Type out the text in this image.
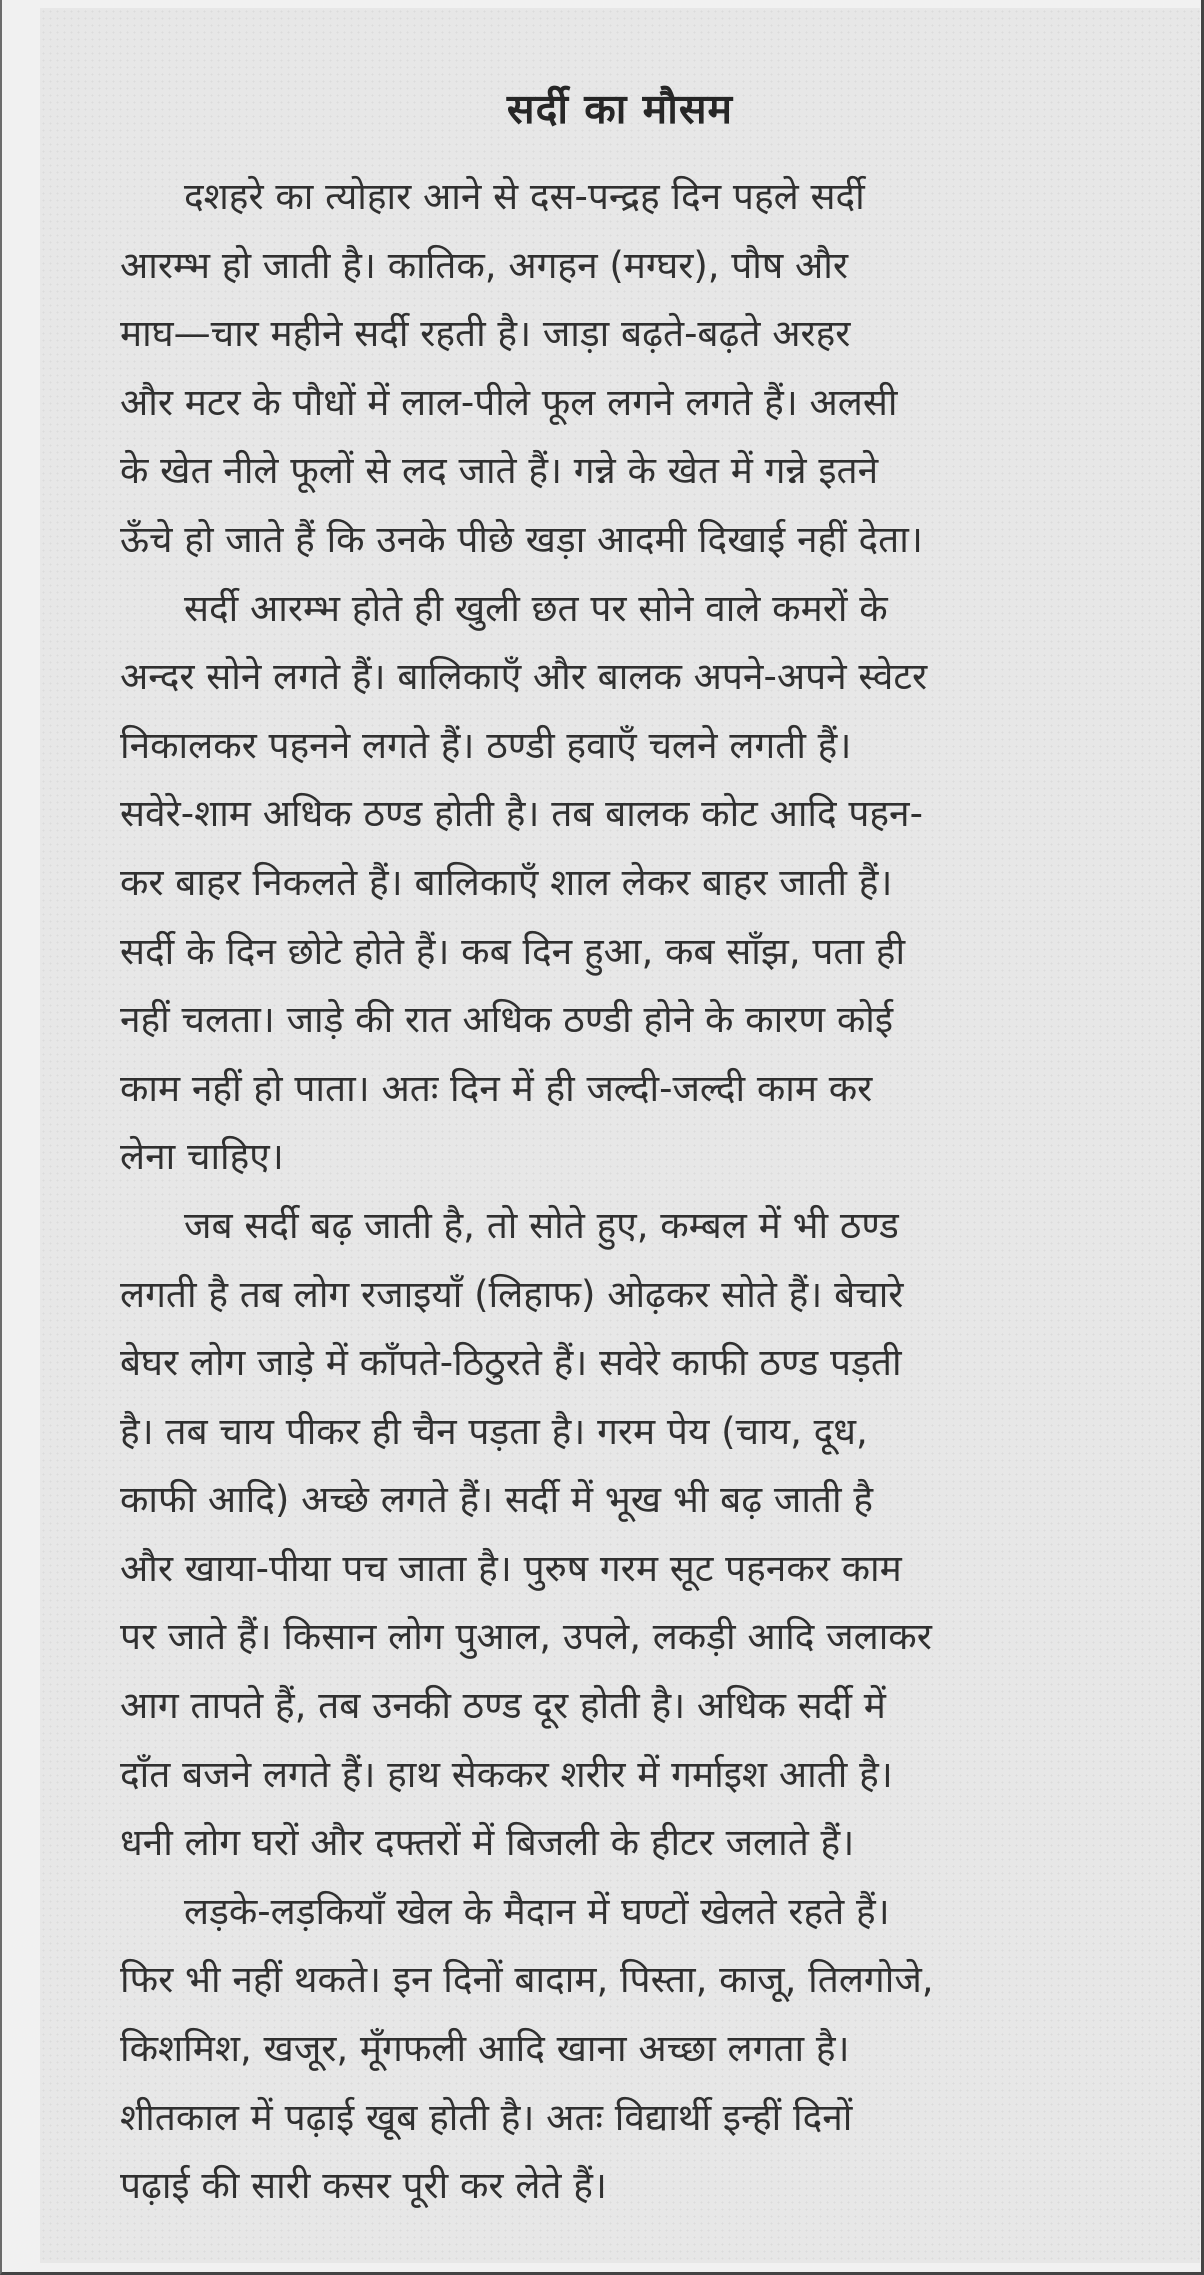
सर्दी का मौसम
दशहरे का त्योहार आने से दस-पन्द्रह दिन पहले सर्दी
आरम्भ हो जाती है। कातिक, अगहन (मग्घर), पौष और
माघ—चार महीने सर्दी रहती है। जाड़ा बढ़ते-बढ़ते अरहर
और मटर के पौधों में लाल-पीले फूल लगने लगते हैं। अलसी
के खेत नीले फूलों से लद जाते हैं। गन्ने के खेत में गन्ने इतने
ऊँचे हो जाते हैं कि उनके पीछे खड़ा आदमी दिखाई नहीं देता।
सर्दी आरम्भ होते ही खुली छत पर सोने वाले कमरों के
अन्दर सोने लगते हैं। बालिकाएँ और बालक अपने-अपने स्वेटर
निकालकर पहनने लगते हैं। ठण्डी हवाएँ चलने लगती हैं।
सवेरे-शाम अधिक ठण्ड होती है। तब बालक कोट आदि पहन-
कर बाहर निकलते हैं। बालिकाएँ शाल लेकर बाहर जाती हैं।
सर्दी के दिन छोटे होते हैं। कब दिन हुआ, कब साँझ, पता ही
नहीं चलता। जाड़े की रात अधिक ठण्डी होने के कारण कोई
काम नहीं हो पाता। अतः दिन में ही जल्दी-जल्दी काम कर
लेना चाहिए।
जब सर्दी बढ़ जाती है, तो सोते हुए, कम्बल में भी ठण्ड
लगती है तब लोग रजाइयाँ (लिहाफ) ओढ़कर सोते हैं। बेचारे
बेघर लोग जाड़े में काँपते-ठिठुरते हैं। सवेरे काफी ठण्ड पड़ती
है। तब चाय पीकर ही चैन पड़ता है। गरम पेय (चाय, दूध,
काफी आदि) अच्छे लगते हैं। सर्दी में भूख भी बढ़ जाती है
और खाया-पीया पच जाता है। पुरुष गरम सूट पहनकर काम
पर जाते हैं। किसान लोग पुआल, उपले, लकड़ी आदि जलाकर
आग तापते हैं, तब उनकी ठण्ड दूर होती है। अधिक सर्दी में
दाँत बजने लगते हैं। हाथ सेककर शरीर में गर्माइश आती है।
धनी लोग घरों और दफ्तरों में बिजली के हीटर जलाते हैं।
लड़के-लड़कियाँ खेल के मैदान में घण्टों खेलते रहते हैं।
फिर भी नहीं थकते। इन दिनों बादाम, पिस्ता, काजू, तिलगोजे,
किशमिश, खजूर, मूँगफली आदि खाना अच्छा लगता है।
शीतकाल में पढ़ाई खूब होती है। अतः विद्यार्थी इन्हीं दिनों
पढ़ाई की सारी कसर पूरी कर लेते हैं।
